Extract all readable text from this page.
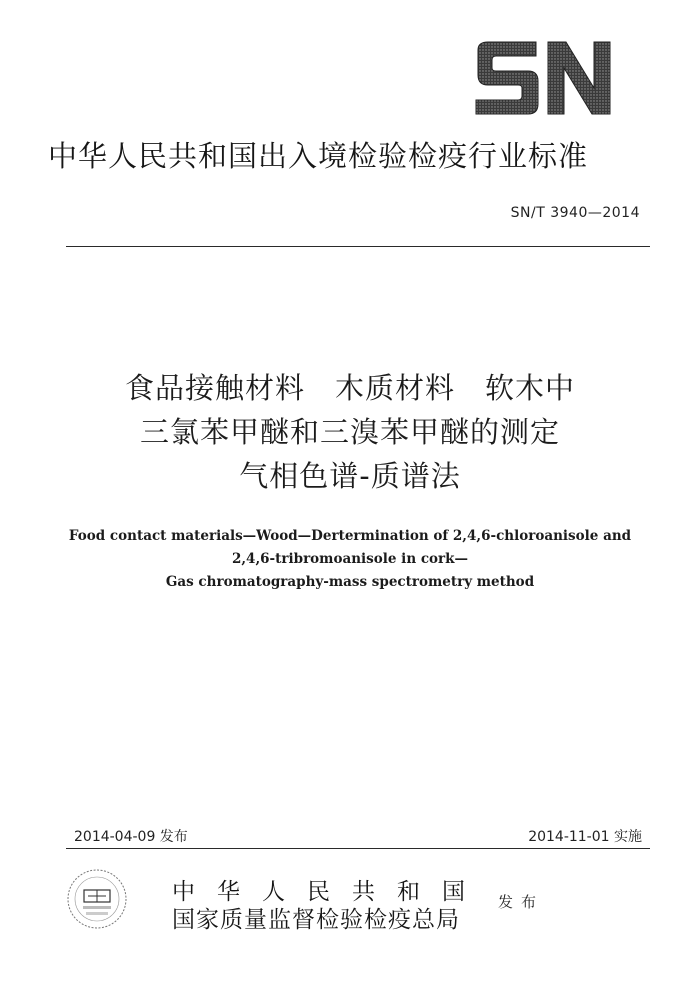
中华人民共和国出入境检验检疫行业标准
SN/T 3940—2014
食品接触材料　木质材料　软木中
三氯苯甲醚和三溴苯甲醚的测定
气相色谱-质谱法
Food contact materials—Wood—Dertermination of 2,4,6-chloroanisole and
2,4,6-tribromoanisole in cork—
Gas chromatography-mass spectrometry method
2014-04-09 发布	2014-11-01 实施
中华人民共和国
国家质量监督检验检疫总局
发布
